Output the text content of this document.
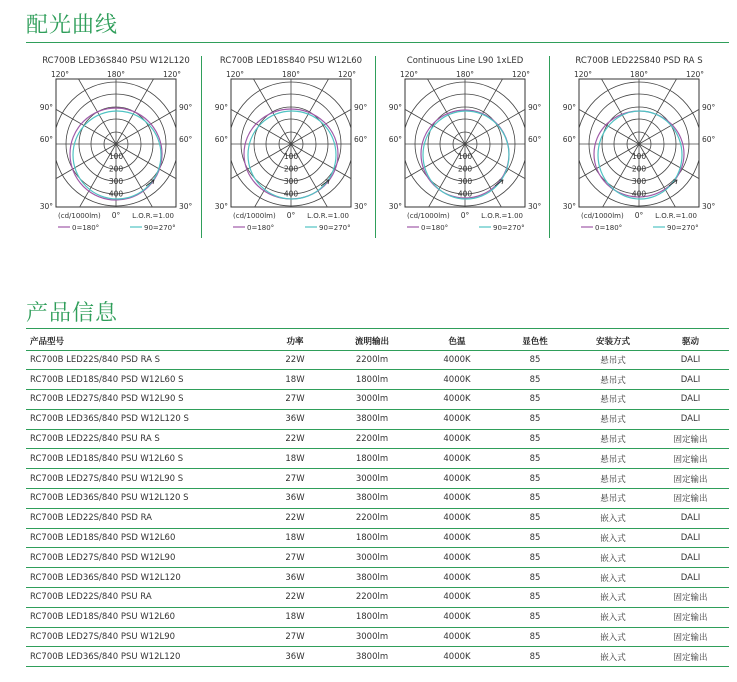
配光曲线
RC700B LED36S840 PSU W12L120
100
200
300
400
120°	180°	120°
90°	90°
60°	60°
30°	30°
0°
(cd/1000lm)	L.O.R.=1.00
0=180°	90=270°
RC700B LED18S840 PSU W12L60
100
200
300
400
120°	180°	120°
90°	90°
60°	60°
30°	30°
0°
(cd/1000lm)	L.O.R.=1.00
0=180°	90=270°
Continuous Line L90 1xLED
100
200
300
400
120°	180°	120°
90°	90°
60°	60°
30°	30°
0°
(cd/1000lm)	L.O.R.=1.00
0=180°	90=270°
RC700B LED22S840 PSD RA S
100
200
300
400
120°	180°	120°
90°	90°
60°	60°
30°	30°
0°
(cd/1000lm)	L.O.R.=1.00
0=180°	90=270°
产品信息
产品型号	功率	流明输出	色温	显色性	安装方式	驱动
RC700B LED22S/840 PSD RA S	22W	2200lm	4000K	85	悬吊式	DALI
RC700B LED18S/840 PSD W12L60 S	18W	1800lm	4000K	85	悬吊式	DALI
RC700B LED27S/840 PSD W12L90 S	27W	3000lm	4000K	85	悬吊式	DALI
RC700B LED36S/840 PSD W12L120 S	36W	3800lm	4000K	85	悬吊式	DALI
RC700B LED22S/840 PSU RA S	22W	2200lm	4000K	85	悬吊式	固定输出
RC700B LED18S/840 PSU W12L60 S	18W	1800lm	4000K	85	悬吊式	固定输出
RC700B LED27S/840 PSU W12L90 S	27W	3000lm	4000K	85	悬吊式	固定输出
RC700B LED36S/840 PSU W12L120 S	36W	3800lm	4000K	85	悬吊式	固定输出
RC700B LED22S/840 PSD RA	22W	2200lm	4000K	85	嵌入式	DALI
RC700B LED18S/840 PSD W12L60	18W	1800lm	4000K	85	嵌入式	DALI
RC700B LED27S/840 PSD W12L90	27W	3000lm	4000K	85	嵌入式	DALI
RC700B LED36S/840 PSD W12L120	36W	3800lm	4000K	85	嵌入式	DALI
RC700B LED22S/840 PSU RA	22W	2200lm	4000K	85	嵌入式	固定输出
RC700B LED18S/840 PSU W12L60	18W	1800lm	4000K	85	嵌入式	固定输出
RC700B LED27S/840 PSU W12L90	27W	3000lm	4000K	85	嵌入式	固定输出
RC700B LED36S/840 PSU W12L120	36W	3800lm	4000K	85	嵌入式	固定输出
